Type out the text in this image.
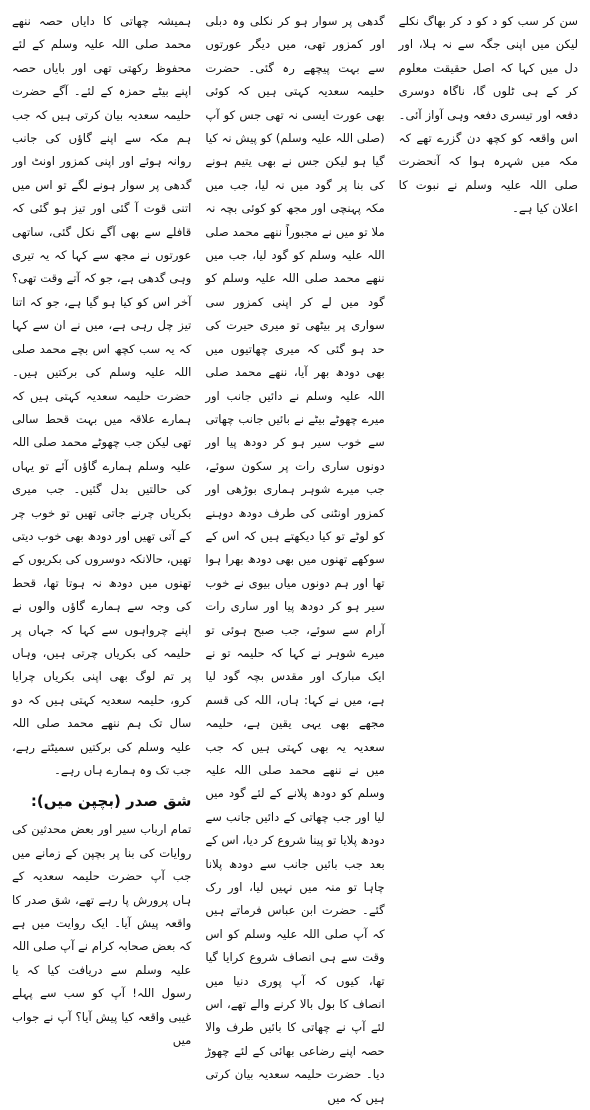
سن کر سب کو د کو د کر بھاگ نکلے لیکن میں اپنی جگہ سے نہ ہلا، اور دل میں کہا کہ اصل حقیقت معلوم کر کے ہی ٹلوں گا، ناگاہ دوسری دفعہ اور تیسری دفعہ وہی آواز آئی۔ اس واقعہ کو کچھ دن گزرے تھے کہ مکہ میں شہرہ ہوا کہ آنحضرت صلی اللہ علیہ وسلم نے نبوت کا اعلان کیا ہے۔

گدھی پر سوار ہو کر نکلی وہ دبلی اور کمزور تھی، میں دیگر عورتوں سے بہت پیچھے رہ گئی۔ حضرت حلیمہ سعدیہ کہتی ہیں کہ کوئی بھی عورت ایسی نہ تھی جس کو آپ (صلی اللہ علیہ وسلم) کو پیش نہ کیا گیا ہو لیکن جس نے بھی یتیم ہونے کی بنا پر گود میں نہ لیا، جب میں مکہ پہنچی اور مجھ کو کوئی بچہ نہ ملا تو میں نے مجبوراً ننھے محمد صلی اللہ علیہ وسلم کو گود لیا، جب میں ننھے محمد صلی اللہ علیہ وسلم کو گود میں لے کر اپنی کمزور سی سواری پر بیٹھی تو میری حیرت کی حد ہو گئی کہ میری چھاتیوں میں بھی دودھ بھر آیا، ننھے محمد صلی اللہ علیہ وسلم نے دائیں جانب اور میرے چھوٹے بیٹے نے بائیں جانب چھاتی سے خوب سیر ہو کر دودھ پیا اور دونوں ساری رات پر سکون سوئے، جب میرے شوہر ہماری بوڑھی اور کمزور اونٹنی کی طرف دودھ دوہنے کو لوٹے تو کیا دیکھتے ہیں کہ اس کے سوکھے تھنوں میں بھی دودھ بھرا ہوا تھا اور ہم دونوں میاں بیوی نے خوب سیر ہو کر دودھ پیا اور ساری رات آرام سے سوئے، جب صبح ہوئی تو میرے شوہر نے کہا کہ حلیمہ تو نے ایک مبارک اور مقدس بچہ گود لیا ہے، میں نے کہا: ہاں، اللہ کی قسم مجھے بھی یہی یقین ہے، حلیمہ سعدیہ یہ بھی کہتی ہیں کہ جب میں نے ننھے محمد صلی اللہ علیہ وسلم کو دودھ پلانے کے لئے گود میں لیا اور جب چھاتی کے دائیں جانب سے دودھ پلایا تو پینا شروع کر دیا، اس کے بعد جب بائیں جانب سے دودھ پلانا چاہا تو منہ میں نہیں لیا، اور رک گئے۔ حضرت ابن عباس فرماتے ہیں کہ آپ صلی اللہ علیہ وسلم کو اس وقت سے ہی انصاف شروع کرایا گیا تھا، کیوں کہ آپ پوری دنیا میں انصاف کا بول بالا کرنے والے تھے، اس لئے آپ نے چھاتی کا بائیں طرف والا حصہ اپنے رضاعی بھائی کے لئے چھوڑ دیا۔ حضرت حلیمہ سعدیہ بیان کرتی ہیں کہ میں

ہمیشہ چھاتی کا دایاں حصہ ننھے محمد صلی اللہ علیہ وسلم کے لئے محفوظ رکھتی تھی اور بایاں حصہ اپنے بیٹے حمزہ کے لئے۔ آگے حضرت حلیمہ سعدیہ بیان کرتی ہیں کہ جب ہم مکہ سے اپنے گاؤں کی جانب روانہ ہوئے اور اپنی کمزور اونٹ اور گدھی پر سوار ہونے لگے تو اس میں اتنی قوت آ گئی اور تیز ہو گئی کہ قافلے سے بھی آگے نکل گئی، ساتھی عورتوں نے مجھ سے کہا کہ یہ تیری وہی گدھی ہے، جو کہ آتے وقت تھی؟ آخر اس کو کیا ہو گیا ہے، جو کہ اتنا تیز چل رہی ہے، میں نے ان سے کہا کہ یہ سب کچھ اس بچے محمد صلی اللہ علیہ وسلم کی برکتیں ہیں۔ حضرت حلیمہ سعدیہ کہتی ہیں کہ ہمارے علاقہ میں بہت قحط سالی تھی لیکن جب چھوٹے محمد صلی اللہ علیہ وسلم ہمارے گاؤں آئے تو یہاں کی حالتیں بدل گئیں۔ جب میری بکریاں چرنے جاتی تھیں تو خوب چر کے آتی تھیں اور دودھ بھی خوب دیتی تھیں، حالانکہ دوسروں کی بکریوں کے تھنوں میں دودھ نہ ہوتا تھا، قحط کی وجہ سے ہمارے گاؤں والوں نے اپنے چرواہوں سے کہا کہ جہاں پر حلیمہ کی بکریاں چرتی ہیں، وہاں پر تم لوگ بھی اپنی بکریاں چرایا کرو، حلیمہ سعدیہ کہتی ہیں کہ دو سال تک ہم ننھے محمد صلی اللہ علیہ وسلم کی برکتیں سمیٹتے رہے، جب تک وہ ہمارے ہاں رہے۔

شق صدر (بچپن میں):

تمام ارباب سیر اور بعض محدثین کی روایات کی بنا پر بچپن کے زمانے میں جب آپ حضرت حلیمہ سعدیہ کے ہاں پرورش پا رہے تھے، شق صدر کا واقعہ پیش آیا۔ ایک روایت میں ہے کہ بعض صحابہ کرام نے آپ صلی اللہ علیہ وسلم سے دریافت کیا کہ یا رسول اللہ! آپ کو سب سے پہلے غیبی واقعہ کیا پیش آیا؟ آپ نے جواب میں
